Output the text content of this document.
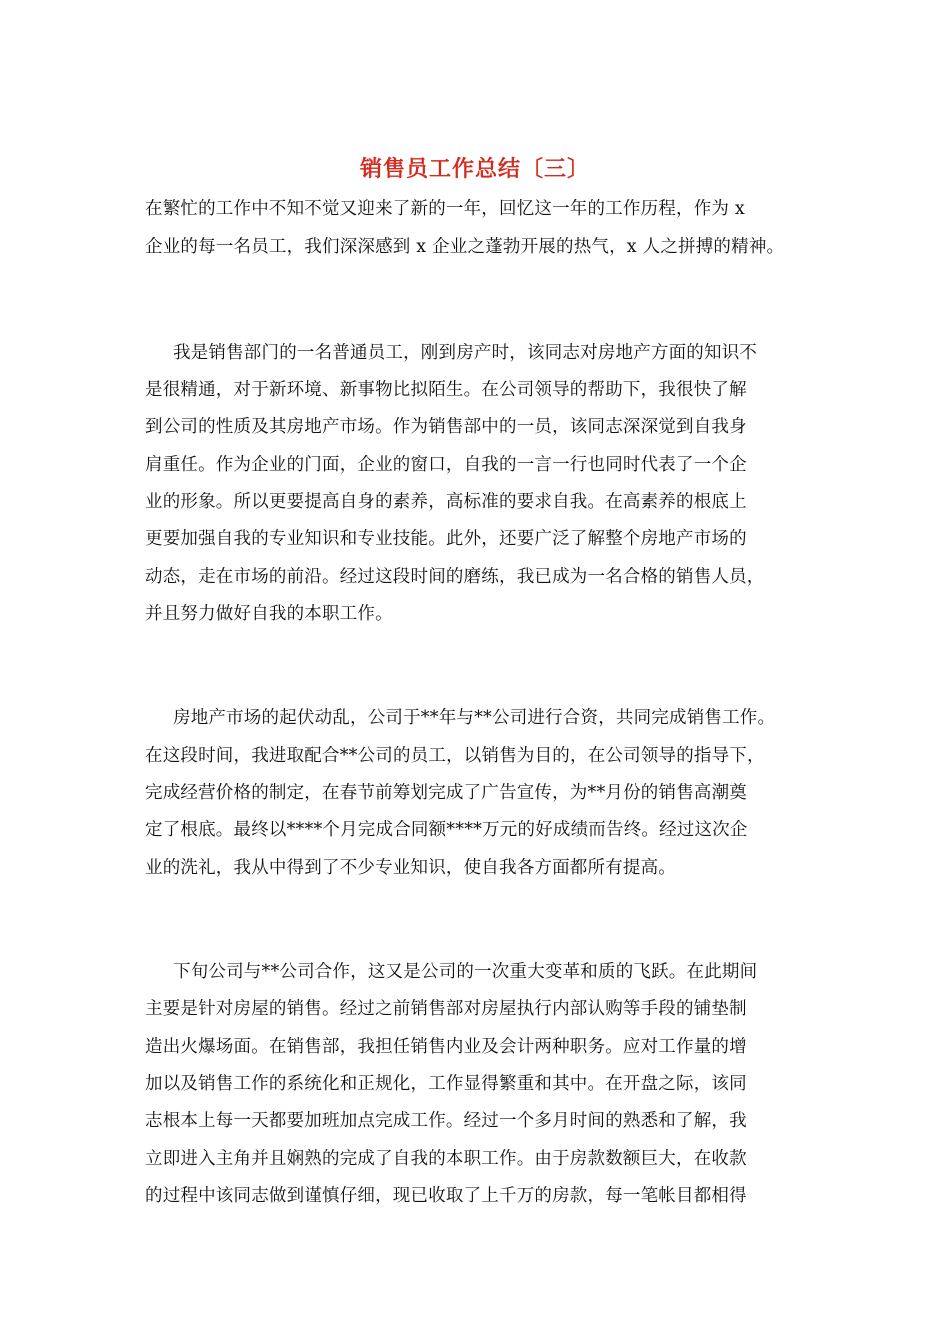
销售员工作总结〔三〕
在繁忙的工作中不知不觉又迎来了新的一年，回忆这一年的工作历程，作为 x
企业的每一名员工，我们深深感到 x 企业之蓬勃开展的热气，x 人之拼搏的精神。
我是销售部门的一名普通员工，刚到房产时，该同志对房地产方面的知识不
是很精通，对于新环境、新事物比拟陌生。在公司领导的帮助下，我很快了解
到公司的性质及其房地产市场。作为销售部中的一员，该同志深深觉到自我身
肩重任。作为企业的门面，企业的窗口，自我的一言一行也同时代表了一个企
业的形象。所以更要提高自身的素养，高标准的要求自我。在高素养的根底上
更要加强自我的专业知识和专业技能。此外，还要广泛了解整个房地产市场的
动态，走在市场的前沿。经过这段时间的磨练，我已成为一名合格的销售人员，
并且努力做好自我的本职工作。
房地产市场的起伏动乱，公司于**年与**公司进行合资，共同完成销售工作。
在这段时间，我进取配合**公司的员工，以销售为目的，在公司领导的指导下，
完成经营价格的制定，在春节前筹划完成了广告宣传，为**月份的销售高潮奠
定了根底。最终以****个月完成合同额****万元的好成绩而告终。经过这次企
业的洗礼，我从中得到了不少专业知识，使自我各方面都所有提高。
下旬公司与**公司合作，这又是公司的一次重大变革和质的飞跃。在此期间
主要是针对房屋的销售。经过之前销售部对房屋执行内部认购等手段的铺垫制
造出火爆场面。在销售部，我担任销售内业及会计两种职务。应对工作量的增
加以及销售工作的系统化和正规化，工作显得繁重和其中。在开盘之际，该同
志根本上每一天都要加班加点完成工作。经过一个多月时间的熟悉和了解，我
立即进入主角并且娴熟的完成了自我的本职工作。由于房款数额巨大，在收款
的过程中该同志做到谨慎仔细，现已收取了上千万的房款，每一笔帐目都相得
